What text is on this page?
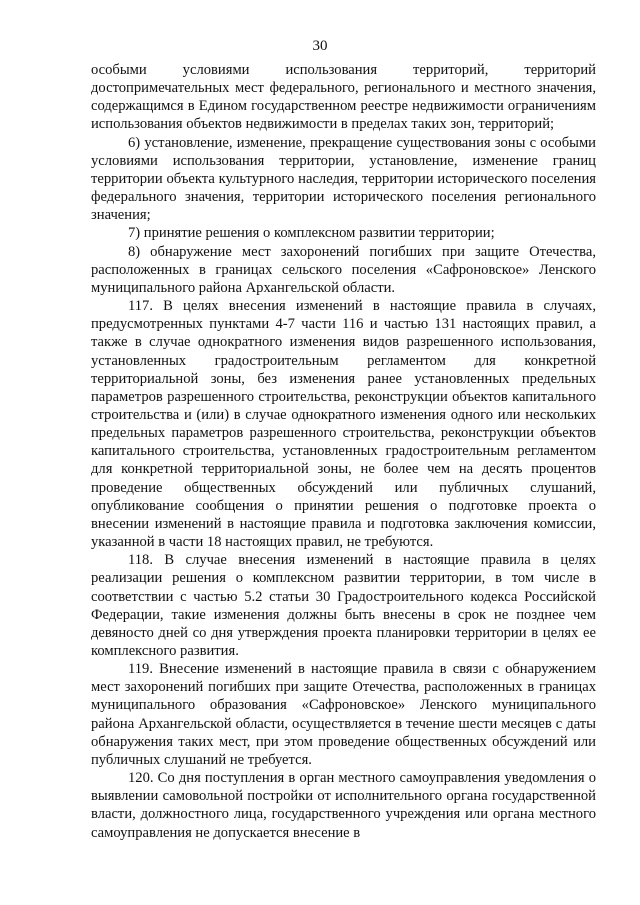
30

особыми условиями использования территорий, территорий достопримечательных мест федерального, регионального и местного значения, содержащимся в Едином государственном реестре недвижимости ограничениям использования объектов недвижимости в пределах таких зон, территорий;

6) установление, изменение, прекращение существования зоны с особыми условиями использования территории, установление, изменение границ территории объекта культурного наследия, территории исторического поселения федерального значения, территории исторического поселения регионального значения;

7) принятие решения о комплексном развитии территории;

8) обнаружение мест захоронений погибших при защите Отечества, расположенных в границах сельского поселения «Сафроновское» Ленского муниципального района Архангельской области.

117. В целях внесения изменений в настоящие правила в случаях, предусмотренных пунктами 4-7 части 116 и частью 131 настоящих правил, а также в случае однократного изменения видов разрешенного использования, установленных градостроительным регламентом для конкретной территориальной зоны, без изменения ранее установленных предельных параметров разрешенного строительства, реконструкции объектов капитального строительства и (или) в случае однократного изменения одного или нескольких предельных параметров разрешенного строительства, реконструкции объектов капитального строительства, установленных градостроительным регламентом для конкретной территориальной зоны, не более чем на десять процентов проведение общественных обсуждений или публичных слушаний, опубликование сообщения о принятии решения о подготовке проекта о внесении изменений в настоящие правила и подготовка заключения комиссии, указанной в части 18 настоящих правил, не требуются.

118. В случае внесения изменений в настоящие правила в целях реализации решения о комплексном развитии территории, в том числе в соответствии с частью 5.2 статьи 30 Градостроительного кодекса Российской Федерации, такие изменения должны быть внесены в срок не позднее чем девяносто дней со дня утверждения проекта планировки территории в целях ее комплексного развития.

119. Внесение изменений в настоящие правила в связи с обнаружением мест захоронений погибших при защите Отечества, расположенных в границах муниципального образования «Сафроновское» Ленского муниципального района Архангельской области, осуществляется в течение шести месяцев с даты обнаружения таких мест, при этом проведение общественных обсуждений или публичных слушаний не требуется.

120. Со дня поступления в орган местного самоуправления уведомления о выявлении самовольной постройки от исполнительного органа государственной власти, должностного лица, государственного учреждения или органа местного самоуправления не допускается внесение в
